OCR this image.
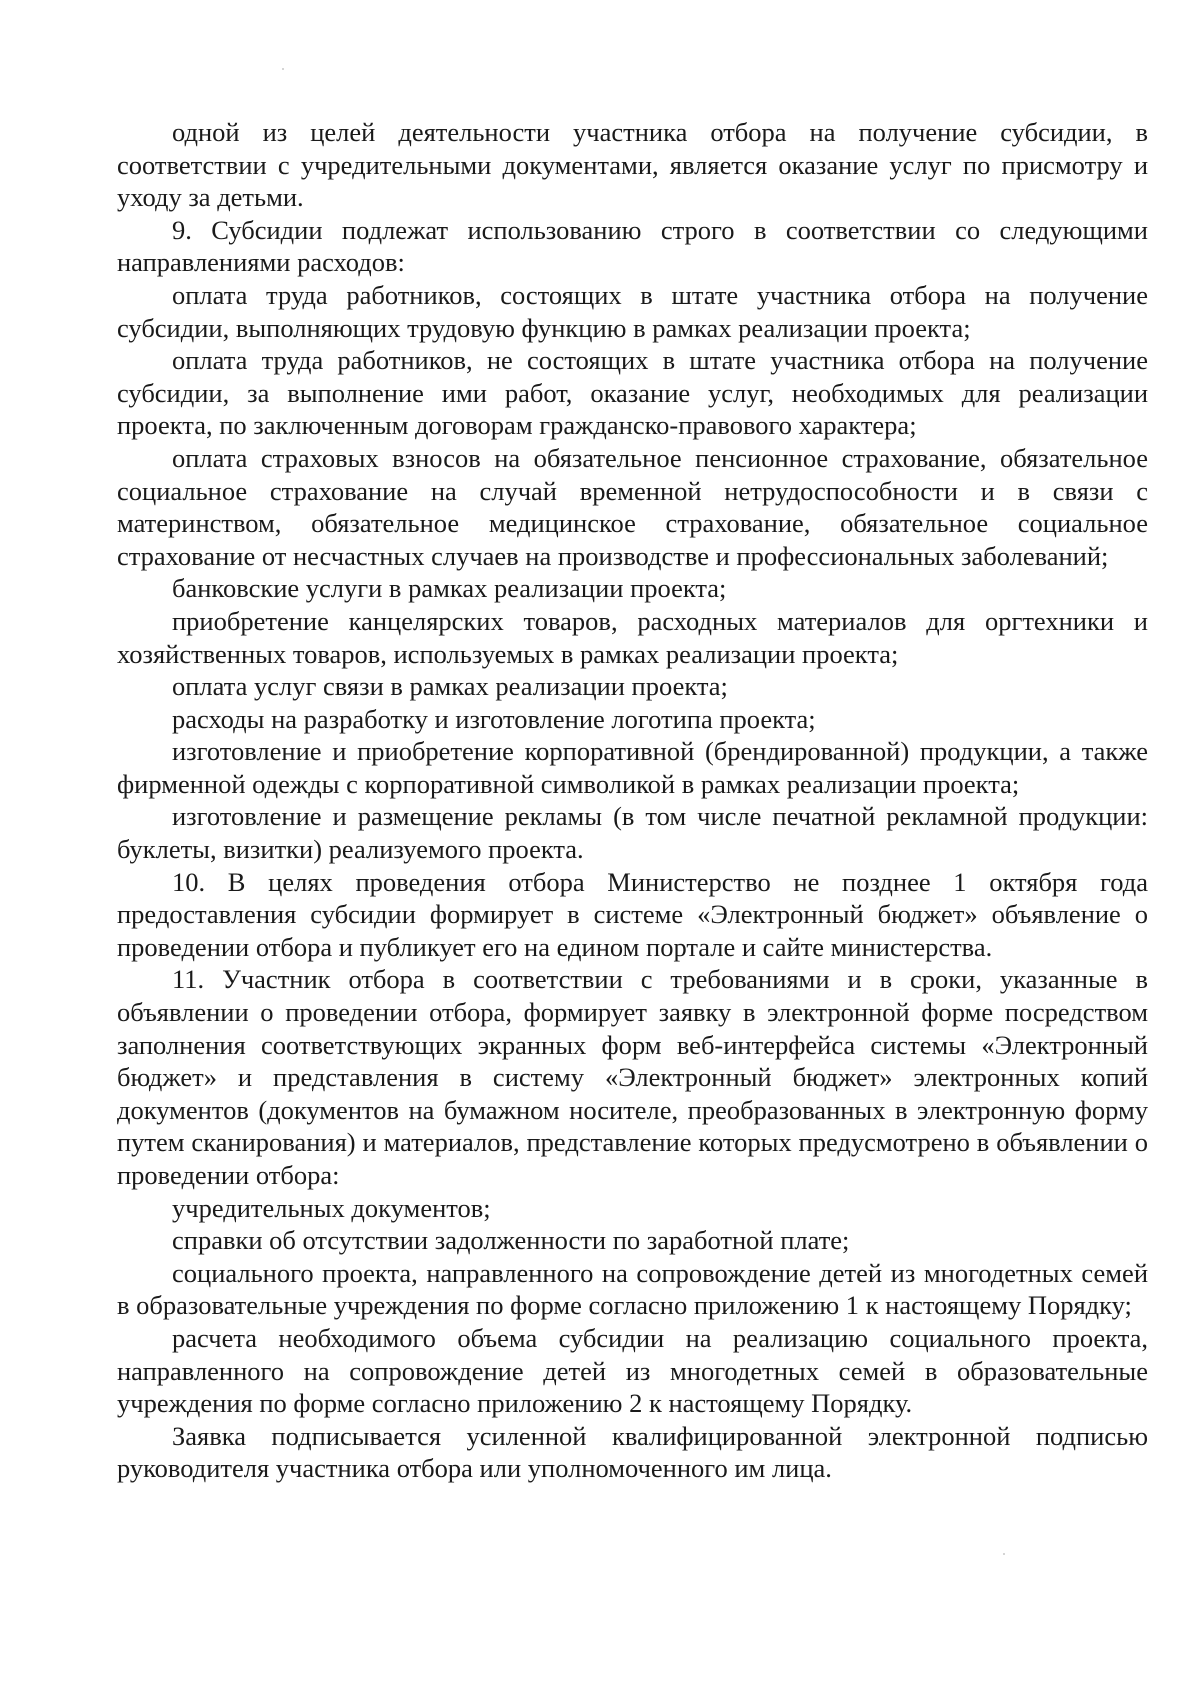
одной из целей деятельности участника отбора на получение субсидии, в соответствии с учредительными документами, является оказание услуг по присмотру и уходу за детьми.

9. Субсидии подлежат использованию строго в соответствии со следующими направлениями расходов:

оплата труда работников, состоящих в штате участника отбора на получение субсидии, выполняющих трудовую функцию в рамках реализации проекта;

оплата труда работников, не состоящих в штате участника отбора на получение субсидии, за выполнение ими работ, оказание услуг, необходимых для реализации проекта, по заключенным договорам гражданско-правового характера;

оплата страховых взносов на обязательное пенсионное страхование, обязательное социальное страхование на случай временной нетрудоспособности и в связи с материнством, обязательное медицинское страхование, обязательное социальное страхование от несчастных случаев на производстве и профессиональных заболеваний;

банковские услуги в рамках реализации проекта;

приобретение канцелярских товаров, расходных материалов для оргтехники и хозяйственных товаров, используемых в рамках реализации проекта;

оплата услуг связи в рамках реализации проекта;

расходы на разработку и изготовление логотипа проекта;

изготовление и приобретение корпоративной (брендированной) продукции, а также фирменной одежды с корпоративной символикой в рамках реализации проекта;

изготовление и размещение рекламы (в том числе печатной рекламной продукции: буклеты, визитки) реализуемого проекта.

10. В целях проведения отбора Министерство не позднее 1 октября года предоставления субсидии формирует в системе «Электронный бюджет» объявление о проведении отбора и публикует его на едином портале и сайте министерства.

11. Участник отбора в соответствии с требованиями и в сроки, указанные в объявлении о проведении отбора, формирует заявку в электронной форме посредством заполнения соответствующих экранных форм веб-интерфейса системы «Электронный бюджет» и представления в систему «Электронный бюджет» электронных копий документов (документов на бумажном носителе, преобразованных в электронную форму путем сканирования) и материалов, представление которых предусмотрено в объявлении о проведении отбора:

учредительных документов;

справки об отсутствии задолженности по заработной плате;

социального проекта, направленного на сопровождение детей из многодетных семей в образовательные учреждения по форме согласно приложению 1 к настоящему Порядку;

расчета необходимого объема субсидии на реализацию социального проекта, направленного на сопровождение детей из многодетных семей в образовательные учреждения по форме согласно приложению 2 к настоящему Порядку.

Заявка подписывается усиленной квалифицированной электронной подписью руководителя участника отбора или уполномоченного им лица.
